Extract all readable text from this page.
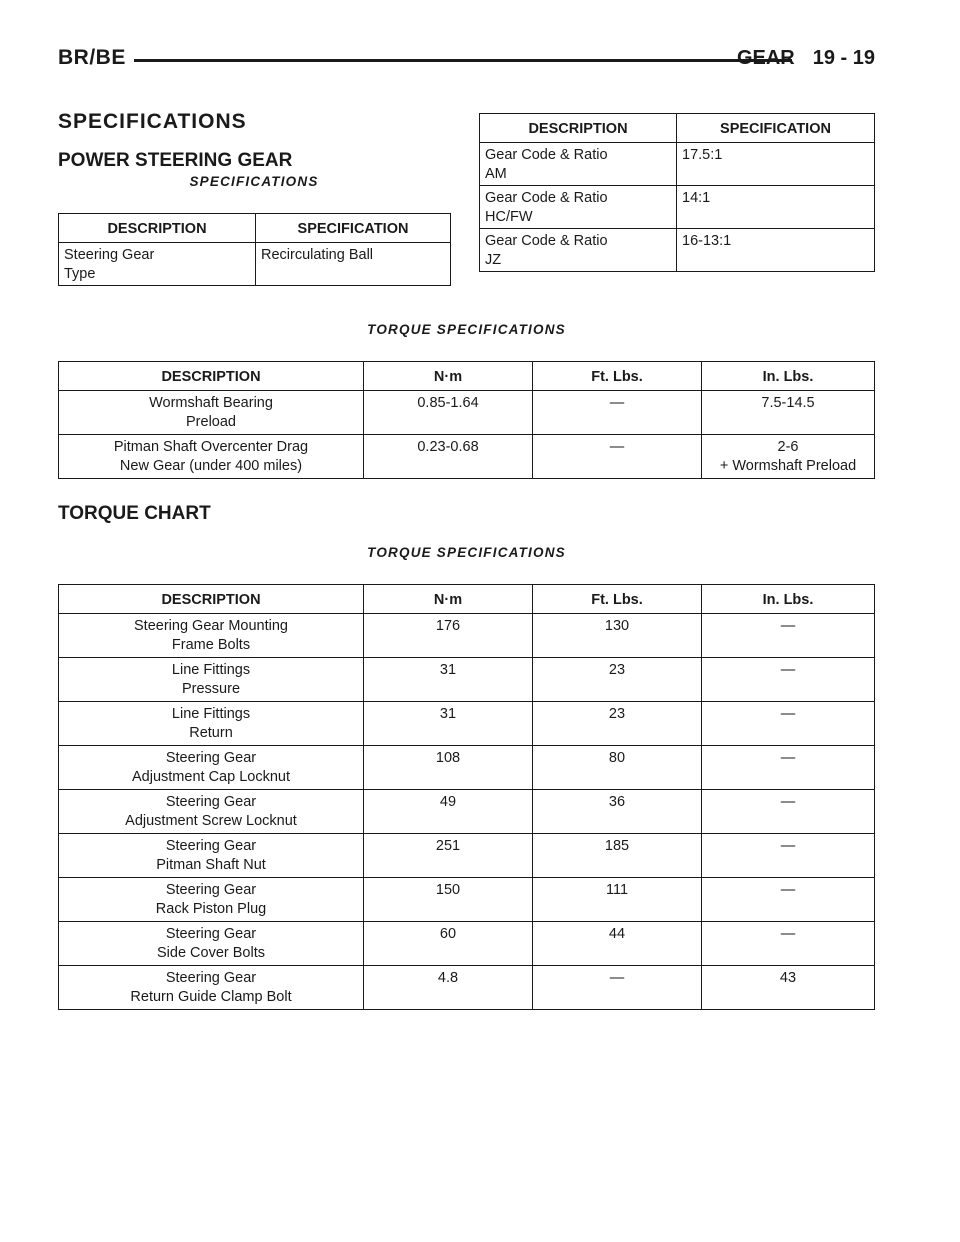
BR/BE	GEAR 19 - 19
SPECIFICATIONS
POWER STEERING GEAR
SPECIFICATIONS
DESCRIPTION	SPECIFICATION

Steering Gear
Type	Recirculating Ball
DESCRIPTION	SPECIFICATION

Gear Code & Ratio
AM	17.5:1

Gear Code & Ratio
HC/FW	14:1

Gear Code & Ratio
JZ	16-13:1
TORQUE SPECIFICATIONS
DESCRIPTION	N·m	Ft. Lbs.	In. Lbs.

Wormshaft Bearing
Preload	0.85-1.64	—	7.5-14.5

Pitman Shaft Overcenter Drag
New Gear (under 400 miles)	0.23-0.68	—	2-6
+ Wormshaft Preload
TORQUE CHART
TORQUE SPECIFICATIONS
DESCRIPTION	N·m	Ft. Lbs.	In. Lbs.

Steering Gear Mounting
Frame Bolts	176	130	—

Line Fittings
Pressure	31	23	—

Line Fittings
Return	31	23	—

Steering Gear
Adjustment Cap Locknut	108	80	—

Steering Gear
Adjustment Screw Locknut	49	36	—

Steering Gear
Pitman Shaft Nut	251	185	—

Steering Gear
Rack Piston Plug	150	111	—

Steering Gear
Side Cover Bolts	60	44	—

Steering Gear
Return Guide Clamp Bolt	4.8	—	43
